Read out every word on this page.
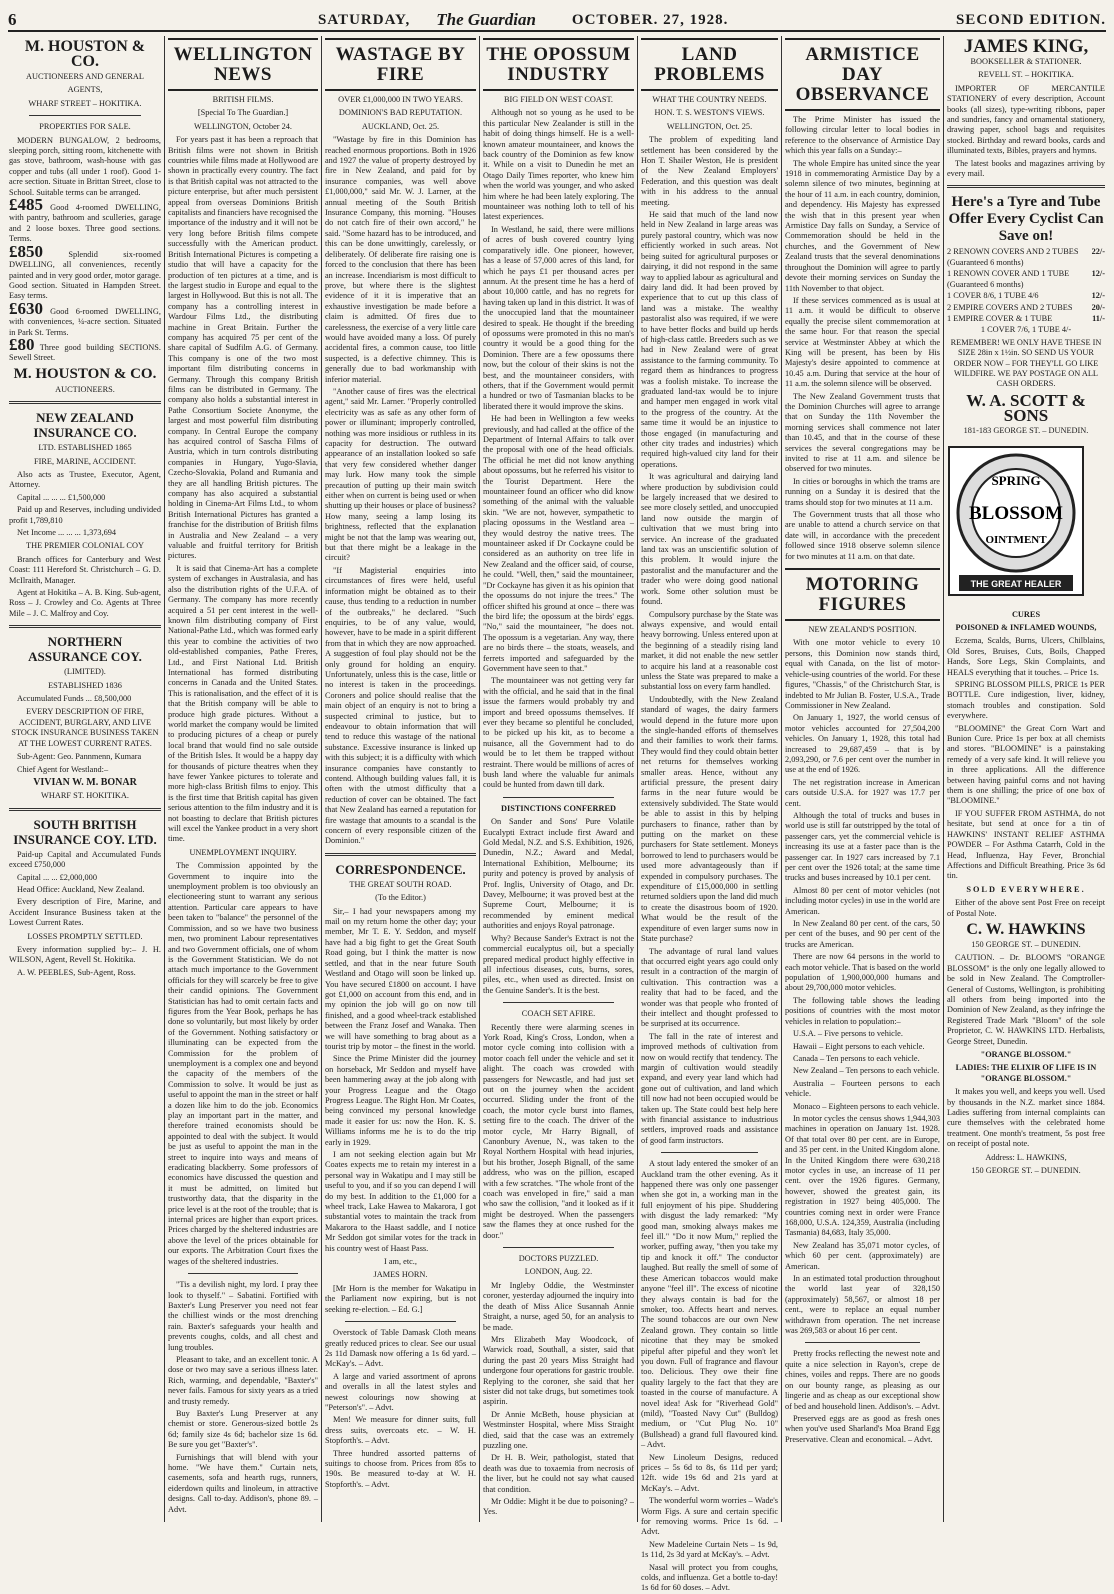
6	SATURDAY, The Guardian OCTOBER. 27, 1928.	SECOND EDITION.
M. HOUSTON & CO.

AUCTIONEERS AND GENERAL

AGENTS,

WHARF STREET – HOKITIKA.

PROPERTIES FOR SALE.

MODERN BUNGALOW, 2 bedrooms, sleeping porch, sitting room, kitchenette with gas stove, bathroom, wash-house with gas copper and tubs (all under 1 roof). Good 1-acre section. Situate in Brittan Street, close to School. Suitable terms can be arranged.

£485 Good 4-roomed DWELLING, with pantry, bathroom and sculleries, garage and 2 loose boxes. Three good sections. Terms.

£850	Splendid six-roomed DWELLING, all conveniences, recently painted and in very good order, motor garage. Good section. Situated in Hampden Street. Easy terms.

£630 Good 6-roomed DWELLING, with conveniences, ¼-acre section. Situated in Park St. Terms.

£80 Three good building SECTIONS. Sewell Street.

M. HOUSTON & CO.

AUCTIONEERS.

NEW ZEALAND INSURANCE CO.

LTD. ESTABLISHED 1865

FIRE, MARINE, ACCIDENT.

Also acts as Trustee, Executor, Agent, Attorney.

Capital ... ... ... £1,500,000

Paid up and Reserves, including undivided profit 1,789,810

Net Income ... ... ... 1,373,694

THE PREMIER COLONIAL COY

Branch offices for Canterbury and West Coast: 111 Hereford St. Christchurch – G. D. McIlraith, Manager.

Agent at Hokitika – A. B. King. Sub-agent, Ross – J. Crowley and Co. Agents at Three Mile – J. C. Malfroy and Coy.

NORTHERN ASSURANCE COY.

(LIMITED).

ESTABLISHED 1836

Accumulated Funds ... £8,500,000

EVERY DESCRIPTION OF FIRE, ACCIDENT, BURGLARY, AND LIVE STOCK INSURANCE BUSINESS TAKEN AT THE LOWEST CURRENT RATES.

Sub-Agent: Geo. Pannmenn, Kumara

Chief Agent for Westland:–

VIVIAN W. M. BONAR

WHARF ST. HOKITIKA.

SOUTH BRITISH INSURANCE COY. LTD.

Paid-up Capital and Accumulated Funds exceed £750,000

Capital ... ... £2,000,000

Head Office: Auckland, New Zealand.

Every description of Fire, Marine, and Accident Insurance Business taken at the Lowest Current Rates.

LOSSES PROMPTLY SETTLED.

Every information supplied by:– J. H. WILSON, Agent, Revell St. Hokitika.

A. W. PEEBLES, Sub-Agent, Ross.

WELLINGTON NEWS

BRITISH FILMS.

[Special To The Guardian.]

WELLINGTON, October 24.

For years past it has been a reproach that British films were not shown in British countries while films made at Hollywood are shown in practically every country. The fact is that British capital was not attracted to the picture enterprise, but after much persistent appeal from overseas Dominions British capitalists and financiers have recognised the importance of the industry and it will not be very long before British films compete successfully with the American product. British International Pictures is competing a studio that will have a capacity for the production of ten pictures at a time, and is the largest studio in Europe and equal to the largest in Hollywood. But this is not all. The company has a controlling interest in Wardour Films Ltd., the distributing machine in Great Britain. Further the company has acquired 75 per cent of the share capital of Sudfilm A.G. of Germany. This company is one of the two most important film distributing concerns in Germany. Through this company British films can be distributed in Germany. The company also holds a substantial interest in Pathe Consortium Societe Anonyme, the largest and most powerful film distributing company. In Central Europe the company has acquired control of Sascha Films of Austria, which in turn controls distributing companies in Hungary, Yugo-Slavia, Czecho-Slovakia, Poland and Rumania and they are all handling British pictures. The company has also acquired a substantial holding in Cinema-Art Films Ltd., to whom British International Pictures has granted a franchise for the distribution of British films in Australia and New Zealand – a very valuable and fruitful territory for British pictures.

It is said that Cinema-Art has a complete system of exchanges in Australasia, and has also the distribution rights of the U.F.A. of Germany. The company has more recently acquired a 51 per cent interest in the well-known film distributing company of First National-Pathe Ltd., which was formed early this year to combine the activities of two old-established companies, Pathe Freres, Ltd., and First National Ltd. British International has formed distributing concerns in Canada and the United States. This is rationalisation, and the effect of it is that the British company will be able to produce high grade pictures. Without a world market the company would be limited to producing pictures of a cheap or purely local brand that would find no sale outside of the British Isles. It would be a happy day for thousands of picture theatres when they have fewer Yankee pictures to tolerate and more high-class British films to enjoy. This is the first time that British capital has given serious attention to the film industry and it is not boasting to declare that British pictures will excel the Yankee product in a very short time.

UNEMPLOYMENT INQUIRY.

The Commission appointed by the Government to inquire into the unemployment problem is too obviously an electioneering stunt to warrant any serious attention. Particular care appears to have been taken to "balance" the personnel of the Commission, and so we have two business men, two prominent Labour representatives and two Government officials, one of whom is the Government Statistician. We do not attach much importance to the Government officials for they will scarcely be free to give their candid opinions. The Government Statistician has had to omit certain facts and figures from the Year Book, perhaps he has done so voluntarily, but most likely by order of the Government. Nothing satisfactory or illuminating can be expected from the Commission for the problem of unemployment is a complex one and beyond the capacity of the members of the Commission to solve. It would be just as useful to appoint the man in the street or half a dozen like him to do the job. Economics play an important part in the matter, and therefore trained economists should be appointed to deal with the subject. It would be just as useful to appoint the man in the street to inquire into ways and means of eradicating blackberry. Some professors of economics have discussed the question and it must be admitted, on limited but trustworthy data, that the disparity in the price level is at the root of the trouble; that is internal prices are higher than export prices. Prices charged by the sheltered industries are above the level of the prices obtainable for our exports. The Arbitration Court fixes the wages of the sheltered industries.

"Tis a devilish night, my lord. I pray thee look to thyself." – Sabatini. Fortified with Baxter's Lung Preserver you need not fear the chilliest winds or the most drenching rain. Baxter's safeguards your health and prevents coughs, colds, and all chest and lung troubles.

Pleasant to take, and an excellent tonic. A dose or two may save a serious illness later. Rich, warming, and dependable, "Baxter's" never fails. Famous for sixty years as a tried and trusty remedy.

Buy Baxter's Lung Preserver at any chemist or store. Generous-sized bottle 2s 6d; family size 4s 6d; bachelor size 1s 6d. Be sure you get "Baxter's".

Furnishings that will blend with your home. "We have them." Curtain nets, casements, sofa and hearth rugs, runners, eiderdown quilts and linoleum, in attractive designs. Call to-day. Addison's, phone 89. – Advt.

WASTAGE BY FIRE

OVER £1,000,000 IN TWO YEARS.

DOMINION'S BAD REPUTATION.

AUCKLAND, Oct. 25.

"Wastage by fire in this Dominion has reached enormous proportions. Both in 1926 and 1927 the value of property destroyed by fire in New Zealand, and paid for by insurance companies, was well above £1,000,000," said Mr. W. J. Larner, at the annual meeting of the South British Insurance Company, this morning. "Houses do not catch fire of their own accord," he said. "Some hazard has to be introduced, and this can be done unwittingly, carelessly, or deliberately. Of deliberate fire raising one is forced to the conclusion that there has been an increase. Incendiarism is most difficult to prove, but where there is the slightest evidence of it it is imperative that an exhaustive investigation be made before a claim is admitted. Of fires due to carelessness, the exercise of a very little care would have avoided many a loss. Of purely accidental fires, a common cause, too little suspected, is a defective chimney. This is generally due to bad workmanship with inferior material.

"Another cause of fires was the electrical agent," said Mr. Larner. "Properly controlled electricity was as safe as any other form of power or illuminant; improperly controlled, nothing was more insidious or ruthless in its capacity for destruction. The outward appearance of an installation looked so safe that very few considered whether danger may lurk. How many took the simple precaution of putting up their main switch either when on current is being used or when shutting up their houses or place of business? How many, seeing a lamp losing its brightness, reflected that the explanation might be not that the lamp was wearing out, but that there might be a leakage in the circuit?

"If Magisterial enquiries into circumstances of fires were held, useful information might be obtained as to their cause, thus tending to a reduction in number of the outbreaks," he declared. "Such enquiries, to be of any value, would, however, have to be made in a spirit different from that in which they are now approached. A suggestion of foul play should not be the only ground for holding an enquiry. Unfortunately, unless this is the case, little or no interest is taken in the proceedings. Coroners and police should realise that the main object of an enquiry is not to bring a suspected criminal to justice, but to endeavour to obtain information that will tend to reduce this wastage of the national substance. Excessive insurance is linked up with this subject; it is a difficulty with which insurance companies have constantly to contend. Although building values fall, it is often with the utmost difficulty that a reduction of cover can be obtained. The fact that New Zealand has earned a reputation for fire wastage that amounts to a scandal is the concern of every responsible citizen of the Dominion."

CORRESPONDENCE.

THE GREAT SOUTH ROAD.

(To the Editor.)

Sir,– I had your newspapers among my mail on my return home the other day; your member, Mr T. E. Y. Seddon, and myself have had a big fight to get the Great South Road going, but I think the matter is now settled, and that in the near future South Westland and Otago will soon be linked up. You have secured £1800 on account. I have got £1,000 on account from this end, and in my opinion the job will go on now till finished, and a good wheel-track established between the Franz Josef and Wanaka. Then we will have something to brag about as a tourist trip by motor – the finest in the world.

Since the Prime Minister did the journey on horseback, Mr Seddon and myself have been hammering away at the job along with your Progress League and the Otago Progress League. The Right Hon. Mr Coates, being convinced my personal knowledge made it easier for us: now the Hon. K. S. Williams informs me he is to do the trip early in 1929.

I am not seeking election again but Mr Coates expects me to retain my interest in a personal way in Wakatipu and I may still be useful to you, and if so you can depend I will do my best. In addition to the £1,000 for a wheel track, Lake Hawea to Makarora, I got substantial votes to maintain the track from Makarora to the Haast saddle, and I notice Mr Seddon got similar votes for the track in his country west of Haast Pass.

I am, etc.,

JAMES HORN.

[Mr Horn is the member for Wakatipu in the Parliament now expiring, but is not seeking re-election. – Ed. G.]

Overstock of Table Damask Cloth means greatly reduced prices to clear. See our usual 2s 11d Damask now offering a 1s 6d yard. – McKay's. – Advt.

A large and varied assortment of aprons and overalls in all the latest styles and newest colourings now showing at "Peterson's". – Advt.

Men! We measure for dinner suits, full dress suits, overcoats etc. – W. H. Stopforth's. – Advt.

Three hundred assorted patterns of suitings to choose from. Prices from 85s to 190s. Be measured to-day at W. H. Stopforth's. – Advt.

THE OPOSSUM INDUSTRY

BIG FIELD ON WEST COAST.

Although not so young as he used to be this particular New Zealander is still in the habit of doing things himself. He is a well-known amateur mountaineer, and knows the back country of the Dominion as few know it. While on a visit to Dunedin he met an Otago Daily Times reporter, who knew him when the world was younger, and who asked him where he had been lately exploring. The mountaineer was nothing loth to tell of his latest experiences.

In Westland, he said, there were millions of acres of bush covered country lying comparatively idle. One pioneer, however, has a lease of 57,000 acres of this land, for which he pays £1 per thousand acres per annum. At the present time he has a herd of about 10,000 cattle, and has no regrets for having taken up land in this district. It was of the unoccupied land that the mountaineer desired to speak. He thought if the breeding of opossums were promoted in this no man's country it would be a good thing for the Dominion. There are a few opossums there now, but the colour of their skins is not the best, and the mountaineer considers, with others, that if the Government would permit a hundred or two of Tasmanian blacks to be liberated there it would improve the skins.

He had been in Wellington a few weeks previously, and had called at the office of the Department of Internal Affairs to talk over the proposal with one of the head officials. The official he met did not know anything about opossums, but he referred his visitor to the Tourist Department. Here the mountaineer found an officer who did know something of the animal with the valuable skin. "We are not, however, sympathetic to placing opossums in the Westland area – they would destroy the native trees. The mountaineer asked if Dr Cockayne could be considered as an authority on tree life in New Zealand and the officer said, of course, he could. "Well, then," said the mountaineer, "Dr Cockayne has given it as his opinion that the opossums do not injure the trees." The officer shifted his ground at once – there was the bird life; the opossum at the birds' eggs. "No," said the mountaineer, "he does not. The opossum is a vegetarian. Any way, there are no birds there – the stoats, weasels, and ferrets imported and safeguarded by the Government have seen to that."

The mountaineer was not getting very far with the official, and he said that in the final issue the farmers would probably try and import and breed opossums themselves. If ever they became so plentiful he concluded, to be picked up his kit, as to become a nuisance, all the Government had to do would be to let them be trapped without restraint. There would be millions of acres of bush land where the valuable fur animals could be hunted from dawn till dark.

DISTINCTIONS CONFERRED

On Sander and Sons' Pure Volatile Eucalypti Extract include first Award and Gold Medal, N.Z. and S.S. Exhibition, 1926, Dunedin, N.Z.; Award and Medal, International Exhibition, Melbourne; its purity and potency is proved by analysis of Prof. Inglis, University of Otago, and Dr. Davey, Melbourne; it was proved best at the Supreme Court, Melbourne; it is recommended by eminent medical authorities and enjoys Royal patronage.

Why? Because Sander's Extract is not the commercial eucalyptus oil, but a specially prepared medical product highly effective in all infectious diseases, cuts, burns, sores, piles, etc., when used as directed. Insist on the Genuine Sander's. It is the best.

COACH SET AFIRE.

Recently there were alarming scenes in York Road, King's Cross, London, when a motor cycle coming into collision with a motor coach fell under the vehicle and set it alight. The coach was crowded with passengers for Newcastle, and had just set out on the journey when the accident occurred. Sliding under the front of the coach, the motor cycle burst into flames, setting fire to the coach. The driver of the motor cycle, Mr Harry Bignall, of Canonbury Avenue, N., was taken to the Royal Northern Hospital with head injuries, but his brother, Joseph Bignall, of the same address, who was on the pillion, escaped with a few scratches. "The whole front of the coach was enveloped in fire," said a man who saw the collision, "and it looked as if it might be destroyed. When the passengers saw the flames they at once rushed for the door."

DOCTORS PUZZLED.

LONDON, Aug. 22.

Mr Ingleby Oddie, the Westminster coroner, yesterday adjourned the inquiry into the death of Miss Alice Susannah Annie Straight, a nurse, aged 50, for an analysis to be made.

Mrs Elizabeth May Woodcock, of Warwick road, Southall, a sister, said that during the past 20 years Miss Straight had undergone four operations for gastric trouble. Replying to the coroner, she said that her sister did not take drugs, but sometimes took aspirin.

Dr Annie McBeth, house physician at Westminster Hospital, where Miss Straight died, said that the case was an extremely puzzling one.

Dr H. B. Weir, pathologist, stated that death was due to toxaemia from necrosis of the liver, but he could not say what caused that condition.

Mr Oddie: Might it be due to poisoning? – Yes.

LAND PROBLEMS

WHAT THE COUNTRY NEEDS.

HON. T. S. WESTON'S VIEWS.

WELLINGTON, Oct. 25.

The problem of expediting land settlement has been considered by the Hon T. Shailer Weston, He is president of the New Zealand Employers' Federation, and this question was dealt with in his address to the annual meeting.

He said that much of the land now held in New Zealand in large areas was purely pastoral country, which was now efficiently worked in such areas. Not being suited for agricultural purposes or dairying, it did not respond in the same way to applied labour as agricultural and dairy land did. It had been proved by experience that to cut up this class of land was a mistake. The wealthy pastoralist also was required, if we were to have better flocks and build up herds of high-class cattle. Breeders such as we had in New Zealand were of great assistance to the farming community. To regard them as hindrances to progress was a foolish mistake. To increase the graduated land-tax would be to injure and hamper men engaged in work vital to the progress of the country. At the same time it would be an injustice to those engaged (in manufacturing and other city trades and industries) which required high-valued city land for their operations.

It was agricultural and dairying land where production by subdivision could be largely increased that we desired to see more closely settled, and unoccupied land now outside the margin of cultivation that we must bring into service. An increase of the graduated land tax was an unscientific solution of this problem. It would injure the pastoralist and the manufacturer and the trader who were doing good national work. Some other solution must be found.

Compulsory purchase by the State was always expensive, and would entail heavy borrowing. Unless entered upon at the beginning of a steadily rising land market, it did not enable the new settler to acquire his land at a reasonable cost unless the State was prepared to make a substantial loss on every farm handled.

Undoubtedly, with the New Zealand standard of wages, the dairy farmers would depend in the future more upon the single-handed efforts of themselves and their families to work their farms. They would find they could obtain better net returns for themselves working smaller areas. Hence, without any artificial pressure, the present dairy farms in the near future would be extensively subdivided. The State would be able to assist in this by helping purchasers to finance, rather than by putting on the market on these purchasers for State settlement. Moneys borrowed to lend to purchasers would be used more advantageously than if expended in compulsory purchases. The expenditure of £15,000,000 in settling returned soldiers upon the land did much to create the disastrous boom of 1920. What would be the result of the expenditure of even larger sums now in State purchase?

The advantage of rural land values that occurred eight years ago could only result in a contraction of the margin of cultivation. This contraction was a reality that had to be faced, and the wonder was that people who fronted of their intellect and thought professed to be surprised at its occurrence.

The fall in the rate of interest and improved methods of cultivation from now on would rectify that tendency. The margin of cultivation would steadily expand, and every year land which had gone out of cultivation, and land which till now had not been occupied would be taken up. The State could best help here with financial assistance to industrious settlers, improved roads and assistance of good farm instructors.

A stout lady entered the smoker of an Auckland tram the other evening. As it happened there was only one passenger when she got in, a working man in the full enjoyment of his pipe. Shuddering with disgust the lady remarked: "My good man, smoking always makes me feel ill." "Do it now Mum," replied the worker, puffing away, "then you take my tip and knock it off." The conductor laughed. But really the smell of some of these American tobaccos would make anyone "feel ill". The excess of nicotine they always contain is bad for the smoker, too. Affects heart and nerves. The sound tobaccos are our own New Zealand grown. They contain so little nicotine that they may be smoked pipeful after pipeful and they won't let you down. Full of fragrance and flavour too. Delicious. They owe their fine quality largely to the fact that they are toasted in the course of manufacture. A novel idea! Ask for "Riverhead Gold" (mild), "Toasted Navy Cut" (Bulldog) medium, or "Cut Plug No. 10" (Bullshead) a grand full flavoured kind. – Advt.

New Linoleum Designs, reduced prices – 5s 6d to 8s, 6s 11d per yard; 12ft. wide 19s 6d and 21s yard at McKay's. – Advt.

The wonderful worm worries – Wade's Worm Figs. A sure and certain specific for removing worms. Price 1s 6d. – Advt.

New Madeleine Curtain Nets – 1s 9d, 1s 11d, 2s 3d yard at McKay's. – Advt.

Nasal will protect you from coughs, colds, and influenza. Get a bottle to-day! 1s 6d for 60 doses. – Advt.

ARMISTICE DAY OBSERVANCE

The Prime Minister has issued the following circular letter to local bodies in reference to the observance of Armistice Day which this year falls on a Sunday:–

The whole Empire has united since the year 1918 in commemorating Armistice Day by a solemn silence of two minutes, beginning at the hour of 11 a.m. in each country, dominion, and dependency. His Majesty has expressed the wish that in this present year when Armistice Day falls on Sunday, a Service of Commemoration should be held in the churches, and the Government of New Zealand trusts that the several denominations throughout the Dominion will agree to partly devote their morning services on Sunday the 11th November to that object.

If these services commenced as is usual at 11 a.m. it would be difficult to observe equally the precise silent commemoration at the same hour. For that reason the special service at Westminster Abbey at which the King will be present, has been by His Majesty's desire appointed to commence at 10.45 a.m. During that service at the hour of 11 a.m. the solemn silence will be observed.

The New Zealand Government trusts that the Dominion Churches will agree to arrange that on Sunday the 11th November the morning services shall commence not later than 10.45, and that in the course of these services the several congregations may be invited to rise at 11 a.m. and silence be observed for two minutes.

In cities or boroughs in which the trams are running on a Sunday it is desired that the trams should stop for two minutes at 11 a.m.

The Government trusts that all those who are unable to attend a church service on that date will, in accordance with the precedent followed since 1918 observe solemn silence for two minutes at 11 a.m. on that date.

MOTORING FIGURES

NEW ZEALAND'S POSITION.

With one motor vehicle to every 10 persons, this Dominion now stands third, equal with Canada, on the list of motor-vehicle-using countries of the world. For these figures, "Chassis," of the Christchurch Star, is indebted to Mr Julian B. Foster, U.S.A., Trade Commissioner in New Zealand.

On January 1, 1927, the world census of motor vehicles accounted for 27,504,200 vehicles. On January 1, 1928, this total had increased to 29,687,459 – that is by 2,093,290, or 7.6 per cent over the number in use at the end of 1926.

The net registration increase in American cars outside U.S.A. for 1927 was 17.7 per cent.

Although the total of trucks and buses in world use is still far outstripped by the total of passenger cars, yet the commercial vehicle is increasing its use at a faster pace than is the passenger car. In 1927 cars increased by 7.1 per cent over the 1926 total; at the same time trucks and buses increased by 10.1 per cent.

Almost 80 per cent of motor vehicles (not including motor cycles) in use in the world are American.

In New Zealand 80 per cent. of the cars, 50 per cent of the buses, and 90 per cent of the trucks are American.

There are now 64 persons in the world to each motor vehicle. That is based on the world population of 1,900,000,000 humans and about 29,700,000 motor vehicles.

The following table shows the leading positions of countries with the most motor vehicles in relation to population:–

U.S.A. – Five persons to vehicle.

Hawaii – Eight persons to each vehicle.

Canada – Ten persons to each vehicle.

New Zealand – Ten persons to each vehicle.

Australia – Fourteen persons to each vehicle.

Monaco – Eighteen persons to each vehicle.

In motor cycles the census shows 1,944,303 machines in operation on January 1st. 1928. Of that total over 80 per cent. are in Europe, and 35 per cent. in the United Kingdom alone. In the United Kingdom there were 630,218 motor cycles in use, an increase of 11 per cent. over the 1926 figures. Germany, however, showed the greatest gain, its registration in 1927 being 405,000. The countries coming next in order were France 168,000, U.S.A. 124,359, Australia (including Tasmania) 84,683, Italy 35,000.

New Zealand has 35,071 motor cycles, of which 60 per cent. (approximately) are American.

In an estimated total production throughout the world last year of 328,150 (approximately) 58,567, or almost 18 per cent., were to replace an equal number withdrawn from operation. The net increase was 269,583 or about 16 per cent.

Pretty frocks reflecting the newest note and quite a nice selection in Rayon's, crepe de chines, voiles and repps. There are no goods on our bounty range, as pleasing as our lingerie and as cheap as our exceptional show of bed and household linen. Addison's. – Advt.

Preserved eggs are as good as fresh ones when you've used Sharland's Moa Brand Egg Preservative. Clean and economical. – Advt.

JAMES KING,

BOOKSELLER & STATIONER.

REVELL ST. – HOKITIKA.

IMPORTER OF MERCANTILE STATIONERY of every description, Account books (all sizes), type-writing ribbons, paper and sundries, fancy and ornamental stationery, drawing paper, school bags and requisites stocked. Birthday and reward books, cards and illuminated texts, Bibles, prayers and hymns.

The latest books and magazines arriving by every mail.

Here's a Tyre and Tube Offer Every Cyclist Can Save on!

2 RENOWN COVERS AND 2 TUBES (Guaranteed 6 months)
22/-
1 RENOWN COVER AND 1 TUBE (Guaranteed 6 months)
12/-
1 COVER 8/6, 1 TUBE 4/6	12/-
2 EMPIRE COVERS AND 2 TUBES 20/-
1 EMPIRE COVER & 1 TUBE	11/-

1 COVER 7/6, 1 TUBE 4/-

REMEMBER! WE ONLY HAVE THESE IN SIZE 28in x 1½in. SO SEND US YOUR ORDER NOW – FOR THEY'LL GO LIKE WILDFIRE. WE PAY POSTAGE ON ALL CASH ORDERS.

W. A. SCOTT & SONS

181-183 GEORGE ST. – DUNEDIN.

SPRING
BLOSSOM
OINTMENT
THE GREAT HEALER

CURES

POISONED & INFLAMED WOUNDS,

Eczema, Scalds, Burns, Ulcers, Chilblains, Old Sores, Bruises, Cuts, Boils, Chapped Hands, Sore Legs, Skin Complaints, and HEALS everything that it touches. – Price 1s.

SPRING BLOSSOM PILLS, PRICE 1s PER BOTTLE. Cure indigestion, liver, kidney, stomach troubles and constipation. Sold everywhere.

"BLOOMINE" the Great Corn Wart and Bunion Cure. Price 1s per box at all chemists and stores. "BLOOMINE" is a painstaking remedy of a very safe kind. It will relieve you in three applications. All the difference between having painful corns and not having them is one shilling; the price of one box of "BLOOMINE."

IF YOU SUFFER FROM ASTHMA, do not hesitate, but send at once for a tin of HAWKINS' INSTANT RELIEF ASTHMA POWDER – For Asthma Catarrh, Cold in the Head, Influenza, Hay Fever, Bronchial Affections and Difficult Breathing. Price 3s 6d tin.

SOLD EVERYWHERE.

Either of the above sent Post Free on receipt of Postal Note.

C. W. HAWKINS

150 GEORGE ST. – DUNEDIN.

CAUTION. – Dr. BLOOM'S "ORANGE BLOSSOM" is the only one legally allowed to be sold in New Zealand. The Comptroller-General of Customs, Wellington, is prohibiting all others from being imported into the Dominion of New Zealand, as they infringe the Registered Trade Mark "Bloom" of the sole Proprietor, C. W. HAWKINS LTD. Herbalists, George Street, Dunedin.

"ORANGE BLOSSOM."

LADIES: THE ELIXIR OF LIFE IS IN "ORANGE BLOSSOM."

It makes you well, and keeps you well. Used by thousands in the N.Z. market since 1884. Ladies suffering from internal complaints can cure themselves with the celebrated home treatment. One month's treatment, 5s post free on receipt of postal note.

Address: L. HAWKINS,

150 GEORGE ST. – DUNEDIN.
